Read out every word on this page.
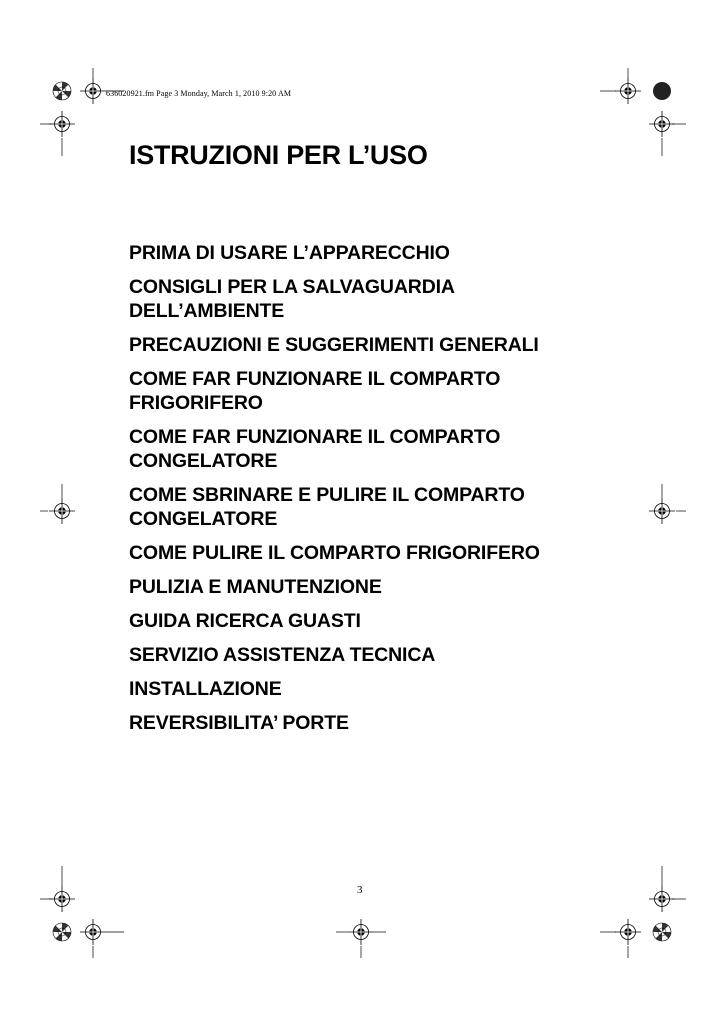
636020921.fm Page 3 Monday, March 1, 2010 9:20 AM
ISTRUZIONI PER L’USO
PRIMA DI USARE L’APPARECCHIO
CONSIGLI PER LA SALVAGUARDIA
DELL’AMBIENTE
PRECAUZIONI E SUGGERIMENTI GENERALI
COME FAR FUNZIONARE IL COMPARTO
FRIGORIFERO
COME FAR FUNZIONARE IL COMPARTO
CONGELATORE
COME SBRINARE E PULIRE IL COMPARTO
CONGELATORE
COME PULIRE IL COMPARTO FRIGORIFERO
PULIZIA E MANUTENZIONE
GUIDA RICERCA GUASTI
SERVIZIO ASSISTENZA TECNICA
INSTALLAZIONE
REVERSIBILITA’ PORTE
3
